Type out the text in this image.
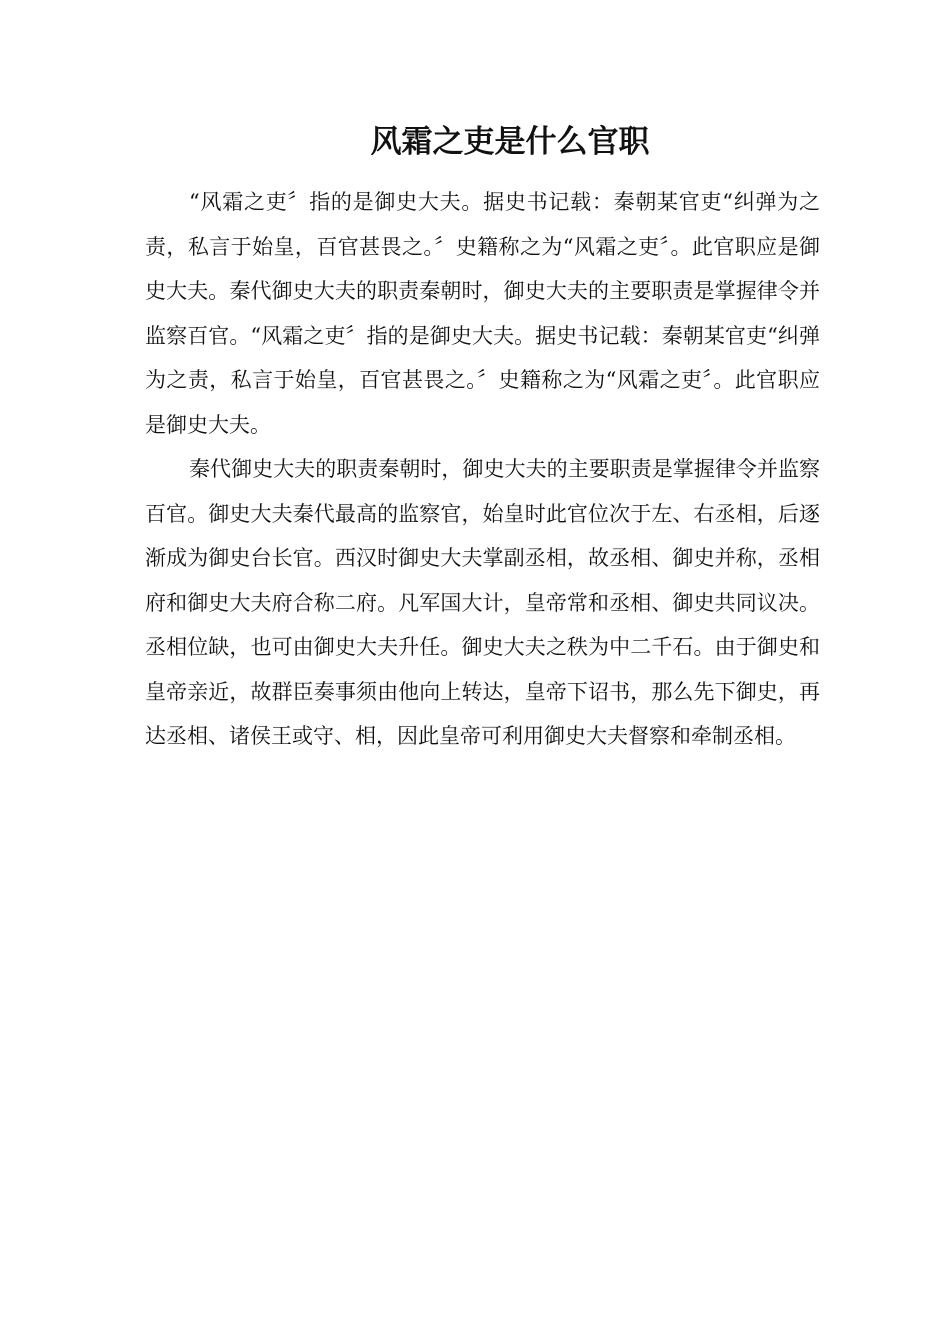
风霜之吏是什么官职

“风霜之吏〞指的是御史大夫。据史书记载：秦朝某官吏“纠弹为之责，私言于始皇，百官甚畏之。〞史籍称之为“风霜之吏〞。此官职应是御史大夫。秦代御史大夫的职责秦朝时，御史大夫的主要职责是掌握律令并监察百官。“风霜之吏〞指的是御史大夫。据史书记载：秦朝某官吏“纠弹为之责，私言于始皇，百官甚畏之。〞史籍称之为“风霜之吏〞。此官职应是御史大夫。

秦代御史大夫的职责秦朝时，御史大夫的主要职责是掌握律令并监察百官。御史大夫秦代最高的监察官，始皇时此官位次于左、右丞相，后逐渐成为御史台长官。西汉时御史大夫掌副丞相，故丞相、御史并称，丞相府和御史大夫府合称二府。凡军国大计，皇帝常和丞相、御史共同议决。丞相位缺，也可由御史大夫升任。御史大夫之秩为中二千石。由于御史和皇帝亲近，故群臣奏事须由他向上转达，皇帝下诏书，那么先下御史，再达丞相、诸侯王或守、相，因此皇帝可利用御史大夫督察和牵制丞相。
